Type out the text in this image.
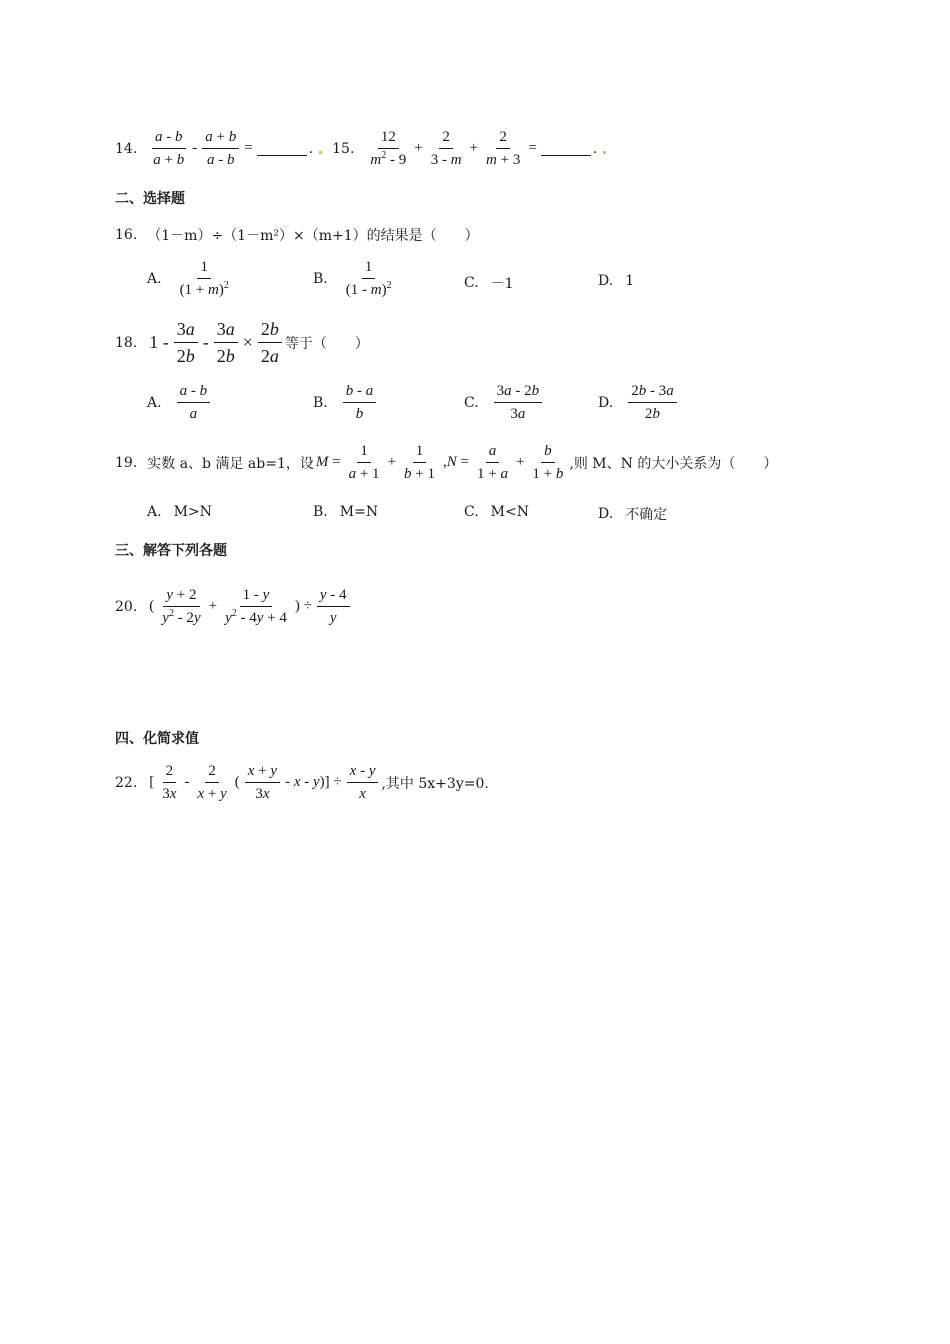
14. $\frac{a - b}{a + b} - \frac{a + b}{a - b}$ =	. 15. $\frac{12}{m^2 - 9} + \frac{2}{3 - m} + \frac{2}{m + 3}$ =	.
二、选择题
16. （1－m）÷（1－m²）×（m+1）的结果是（　　）
A. $\frac{1}{(1 + m)^2}$	B. $\frac{1}{(1 - m)^2}$	C. －1	D. 1
18. $1 - \frac{3a}{2b} - \frac{3a}{2b} \times \frac{2b}{2a}$ 等于（　　）
A. $\frac{a - b}{a}$	B. $\frac{b - a}{b}$	C. $\frac{3a - 2b}{3a}$	D. $\frac{2b - 3a}{2b}$
19. 实数 a、b 满足 ab=1，设 $M = \frac{1}{a + 1} + \frac{1}{b + 1} ,N = \frac{a}{1 + a} + \frac{b}{1 + b}$ ,则 M、N 的大小关系为（　　）
A. M>N	B. M=N	C. M<N	D. 不确定
三、解答下列各题
20. ( $\frac{y + 2}{y^2 - 2y} + \frac{1 - y}{y^2 - 4y + 4}$ ) ÷ $\frac{y - 4}{y}$
四、化简求值
22. [ $\frac{2}{3x} - \frac{2}{x + y}$ ( $\frac{x + y}{3x} - x - y)] \div \frac{x - y}{x}$ ,其中 5x+3y=0.
